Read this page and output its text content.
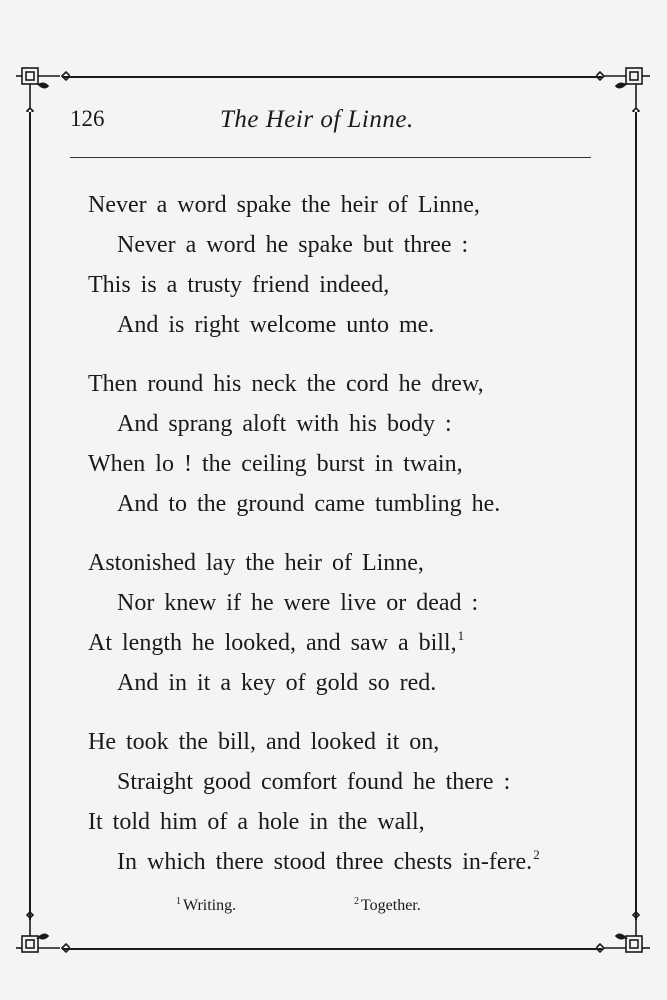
126	The Heir of Linne.
Never a word spake the heir of Linne,
Never a word he spake but three :
This is a trusty friend indeed,
And is right welcome unto me.
Then round his neck the cord he drew,
And sprang aloft with his body :
When lo ! the ceiling burst in twain,
And to the ground came tumbling he.
Astonished lay the heir of Linne,
Nor knew if he were live or dead :
At length he looked, and saw a bill,$^1$
And in it a key of gold so red.
He took the bill, and looked it on,
Straight good comfort found he there :
It told him of a hole in the wall,
In which there stood three chests in-fere.$^2$
$^1$ Writing.	$^2$ Together.
